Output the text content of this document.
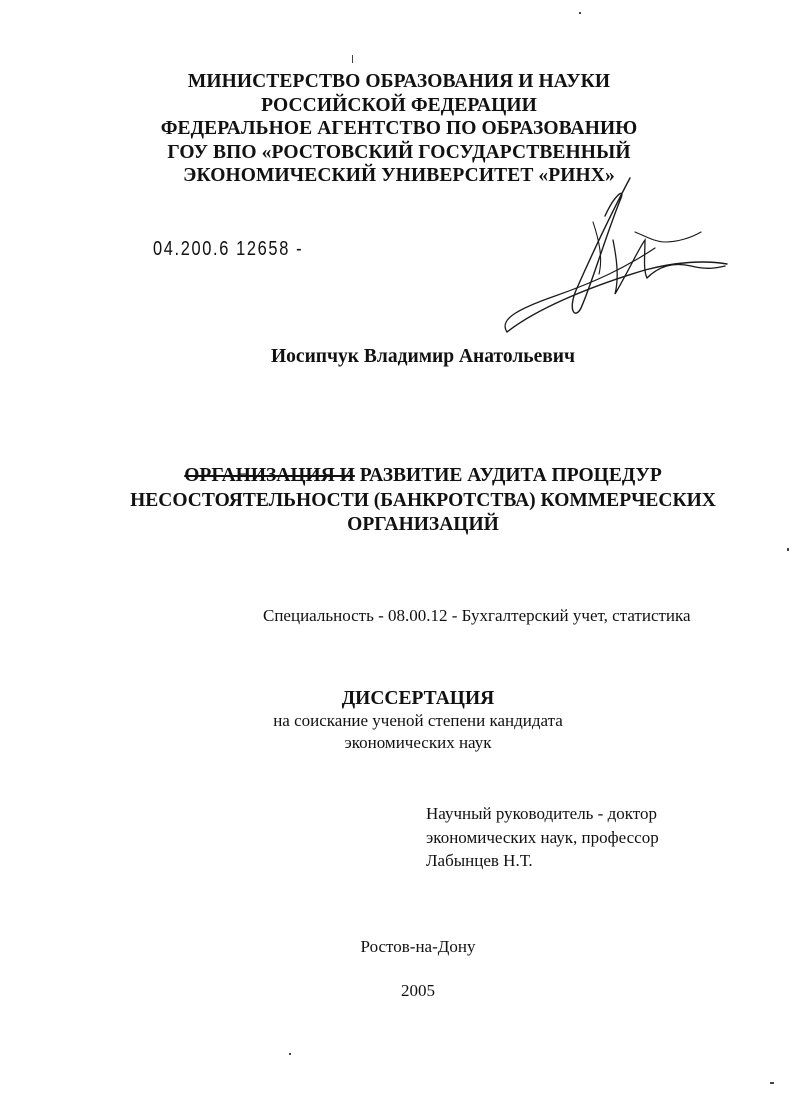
МИНИСТЕРСТВО ОБРАЗОВАНИЯ И НАУКИ
РОССИЙСКОЙ ФЕДЕРАЦИИ
ФЕДЕРАЛЬНОЕ АГЕНТСТВО ПО ОБРАЗОВАНИЮ
ГОУ ВПО «РОСТОВСКИЙ ГОСУДАРСТВЕННЫЙ
ЭКОНОМИЧЕСКИЙ УНИВЕРСИТЕТ «РИНХ»
04.200.6 12658 -
Иосипчук Владимир Анатольевич
ОРГАНИЗАЦИЯ И РАЗВИТИЕ АУДИТА ПРОЦЕДУР
НЕСОСТОЯТЕЛЬНОСТИ (БАНКРОТСТВА) КОММЕРЧЕСКИХ
ОРГАНИЗАЦИЙ
Специальность - 08.00.12 - Бухгалтерский учет, статистика
ДИССЕРТАЦИЯ
на соискание ученой степени кандидата
экономических наук
Научный руководитель - доктор
экономических наук, профессор
Лабынцев Н.Т.
Ростов-на-Дону
2005
